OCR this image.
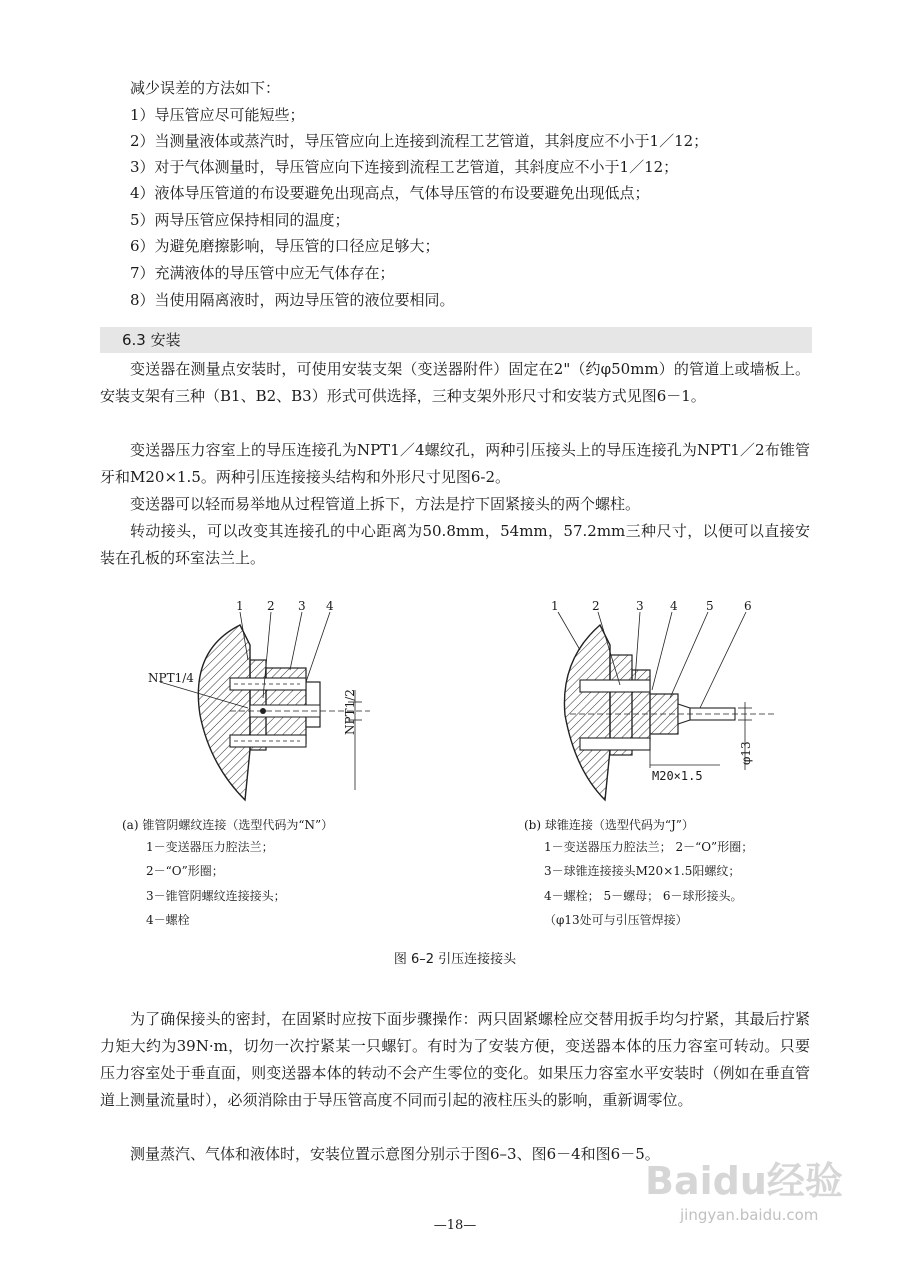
减少误差的方法如下：
1）导压管应尽可能短些；
2）当测量液体或蒸汽时，导压管应向上连接到流程工艺管道，其斜度应不小于1／12；
3）对于气体测量时，导压管应向下连接到流程工艺管道，其斜度应不小于1／12；
4）液体导压管道的布设要避免出现高点，气体导压管的布设要避免出现低点；
5）两导压管应保持相同的温度；
6）为避免磨擦影响，导压管的口径应足够大；
7）充满液体的导压管中应无气体存在；
8）当使用隔离液时，两边导压管的液位要相同。
6.3 安装
变送器在测量点安装时，可使用安装支架（变送器附件）固定在2"（约φ50mm）的管道上或墙板上。安装支架有三种（B1、B2、B3）形式可供选择，三种支架外形尺寸和安装方式见图6－1。
变送器压力容室上的导压连接孔为NPT1／4螺纹孔，两种引压接头上的导压连接孔为NPT1／2布锥管牙和M20×1.5。两种引压连接接头结构和外形尺寸见图6-2。
变送器可以轻而易举地从过程管道上拆下，方法是拧下固紧接头的两个螺柱。
转动接头，可以改变其连接孔的中心距离为50.8mm，54mm，57.2mm三种尺寸，以便可以直接安装在孔板的环室法兰上。
1 2 3 4
NPT1/4
NPT1/2
1	2	3 4 5	6
M20×1.5
φ13
(a) 锥管阴螺纹连接（选型代码为“N”）
1－变送器压力腔法兰；
2－“O”形圈；
3－锥管阴螺纹连接接头；
4－螺栓
(b) 球锥连接（选型代码为“J”）
1－变送器压力腔法兰； 2－“O”形圈；
3－球锥连接接头M20×1.5阳螺纹；
4－螺栓； 5－螺母； 6－球形接头。
（φ13处可与引压管焊接）
图 6–2 引压连接接头
为了确保接头的密封，在固紧时应按下面步骤操作：两只固紧螺栓应交替用扳手均匀拧紧，其最后拧紧力矩大约为39N·m，切勿一次拧紧某一只螺钉。有时为了安装方便，变送器本体的压力容室可转动。只要压力容室处于垂直面，则变送器本体的转动不会产生零位的变化。如果压力容室水平安装时（例如在垂直管道上测量流量时），必须消除由于导压管高度不同而引起的液柱压头的影响，重新调零位。
测量蒸汽、气体和液体时，安装位置示意图分别示于图6–3、图6－4和图6－5。
—18—
Baidu经验
jingyan.baidu.com
